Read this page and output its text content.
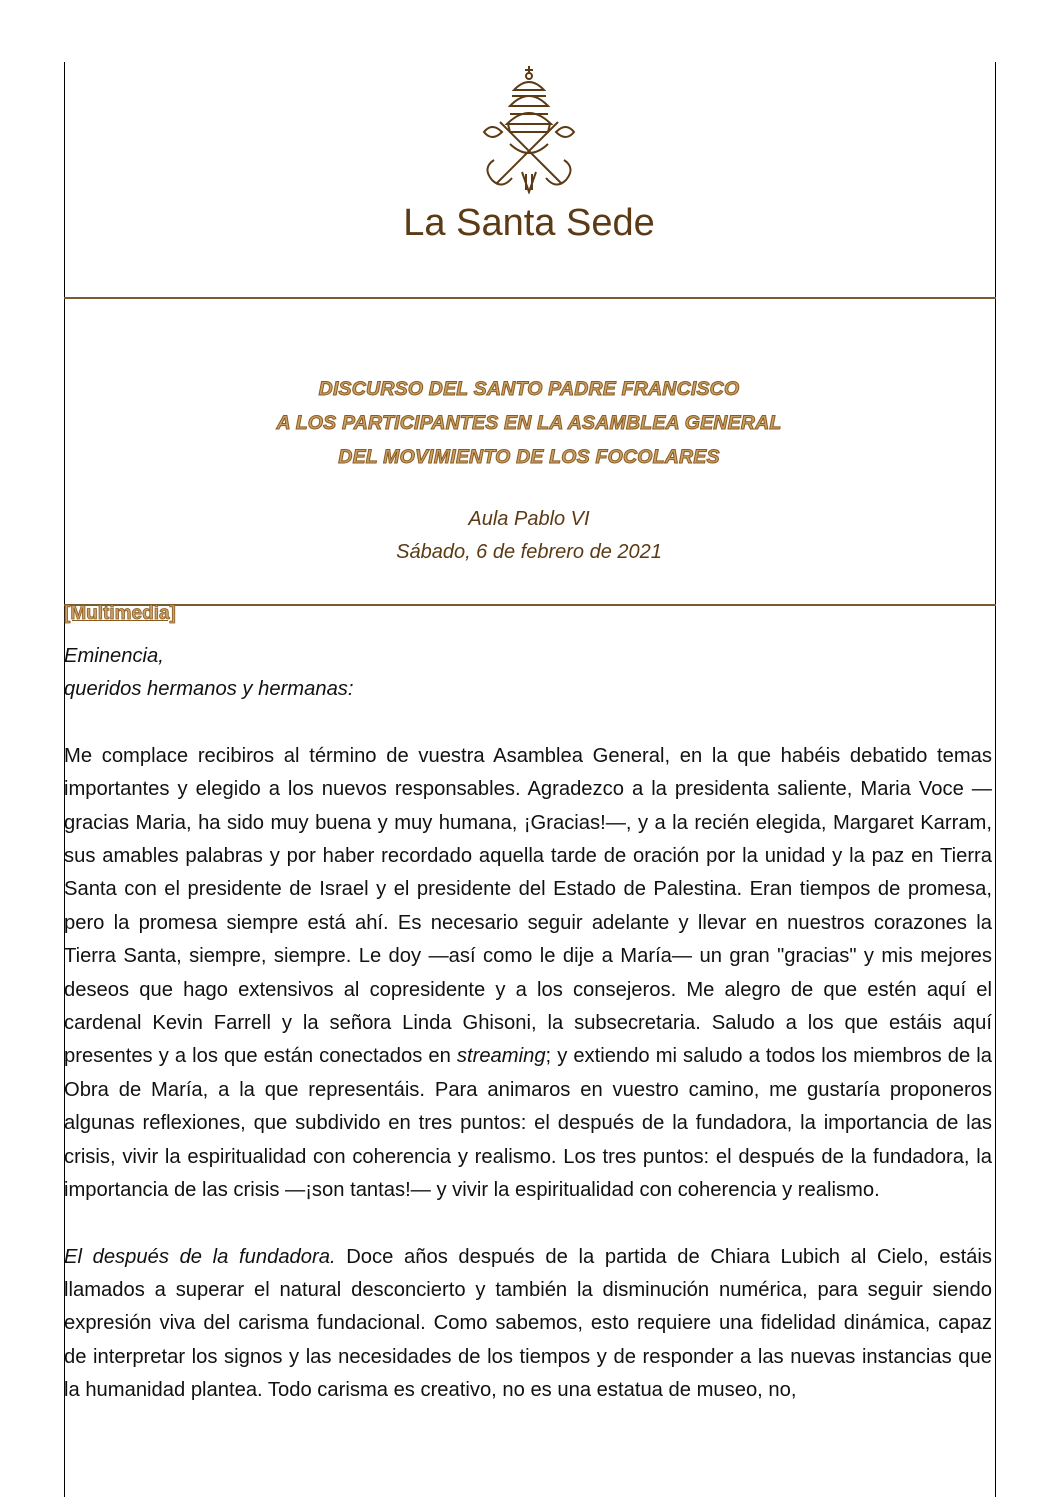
La Santa Sede
DISCURSO DEL SANTO PADRE FRANCISCO
A LOS PARTICIPANTES EN LA ASAMBLEA GENERAL
DEL MOVIMIENTO DE LOS FOCOLARES
Aula Pablo VI
Sábado, 6 de febrero de 2021
[Multimedia]
Eminencia,
queridos hermanos y hermanas:

Me complace recibiros al término de vuestra Asamblea General, en la que habéis debatido temas importantes y elegido a los nuevos responsables. Agradezco a la presidenta saliente, Maria Voce —gracias Maria, ha sido muy buena y muy humana, ¡Gracias!—, y a la recién elegida, Margaret Karram, sus amables palabras y por haber recordado aquella tarde de oración por la unidad y la paz en Tierra Santa con el presidente de Israel y el presidente del Estado de Palestina. Eran tiempos de promesa, pero la promesa siempre está ahí. Es necesario seguir adelante y llevar en nuestros corazones la Tierra Santa, siempre, siempre. Le doy —así como le dije a María— un gran "gracias" y mis mejores deseos que hago extensivos al copresidente y a los consejeros. Me alegro de que estén aquí el cardenal Kevin Farrell y la señora Linda Ghisoni, la subsecretaria. Saludo a los que estáis aquí presentes y a los que están conectados en streaming; y extiendo mi saludo a todos los miembros de la Obra de María, a la que representáis. Para animaros en vuestro camino, me gustaría proponeros algunas reflexiones, que subdivido en tres puntos: el después de la fundadora, la importancia de las crisis, vivir la espiritualidad con coherencia y realismo. Los tres puntos: el después de la fundadora, la importancia de las crisis —¡son tantas!— y vivir la espiritualidad con coherencia y realismo.

El después de la fundadora. Doce años después de la partida de Chiara Lubich al Cielo, estáis llamados a superar el natural desconcierto y también la disminución numérica, para seguir siendo expresión viva del carisma fundacional. Como sabemos, esto requiere una fidelidad dinámica, capaz de interpretar los signos y las necesidades de los tiempos y de responder a las nuevas instancias que la humanidad plantea. Todo carisma es creativo, no es una estatua de museo, no,
